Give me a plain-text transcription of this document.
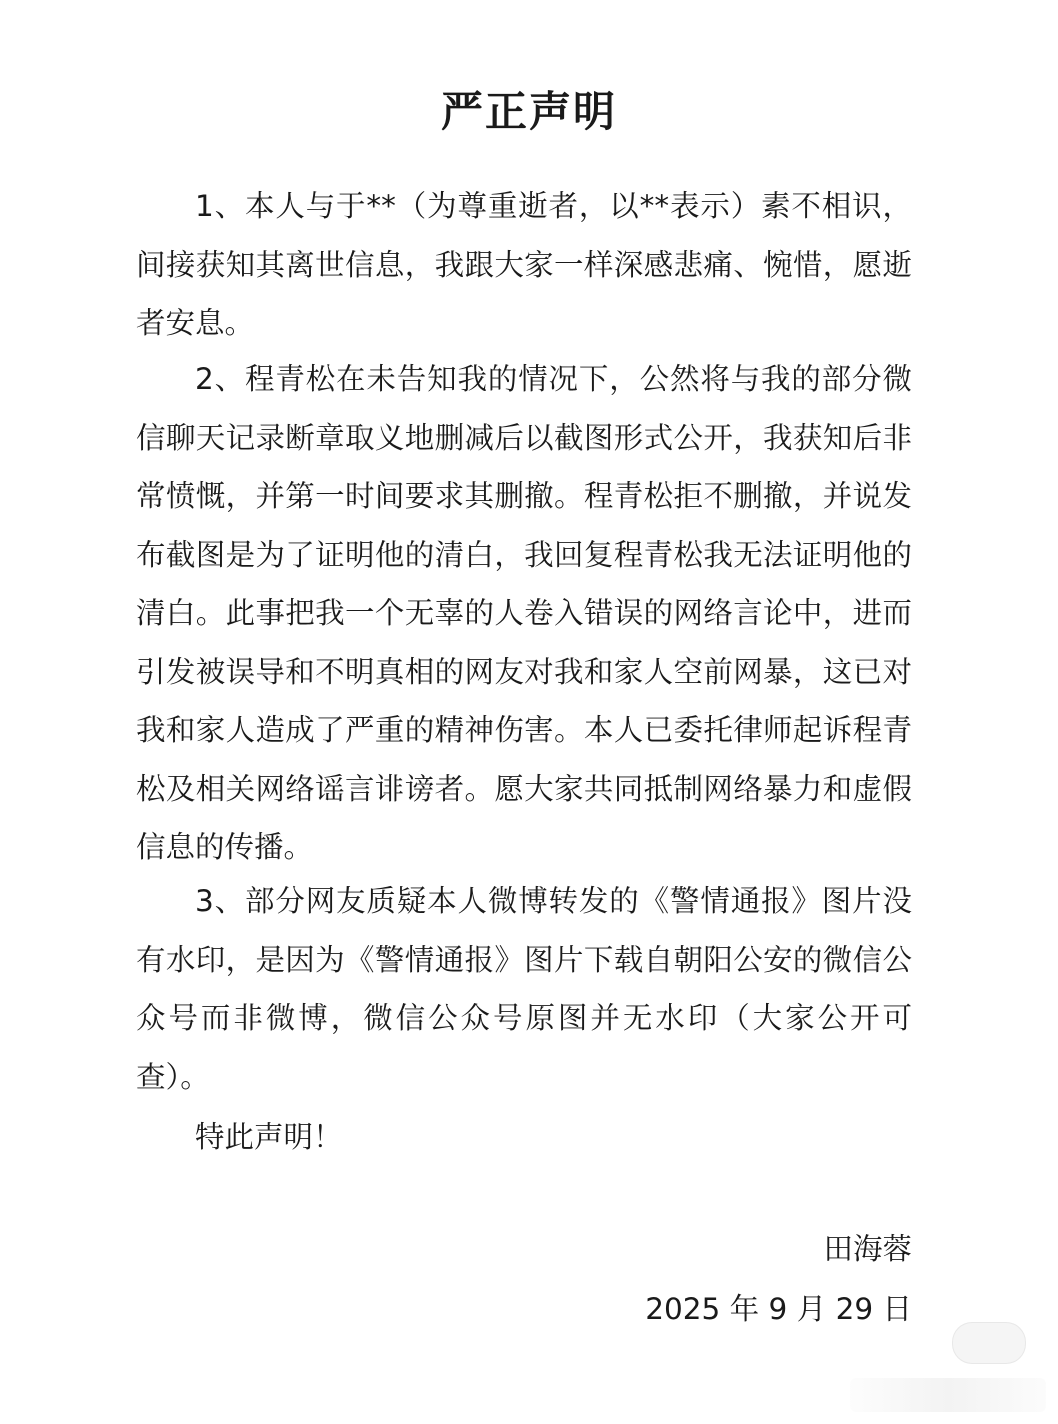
严正声明

1、本人与于**（为尊重逝者，以**表示）素不相识，间接获知其离世信息，我跟大家一样深感悲痛、惋惜，愿逝者安息。

2、程青松在未告知我的情况下，公然将与我的部分微信聊天记录断章取义地删减后以截图形式公开，我获知后非常愤慨，并第一时间要求其删撤。程青松拒不删撤，并说发布截图是为了证明他的清白，我回复程青松我无法证明他的清白。此事把我一个无辜的人卷入错误的网络言论中，进而引发被误导和不明真相的网友对我和家人空前网暴，这已对我和家人造成了严重的精神伤害。本人已委托律师起诉程青松及相关网络谣言诽谤者。愿大家共同抵制网络暴力和虚假信息的传播。

3、部分网友质疑本人微博转发的《警情通报》图片没有水印，是因为《警情通报》图片下载自朝阳公安的微信公众号而非微博，微信公众号原图并无水印（大家公开可查）。

特此声明！

田海蓉

2025 年 9 月 29 日
